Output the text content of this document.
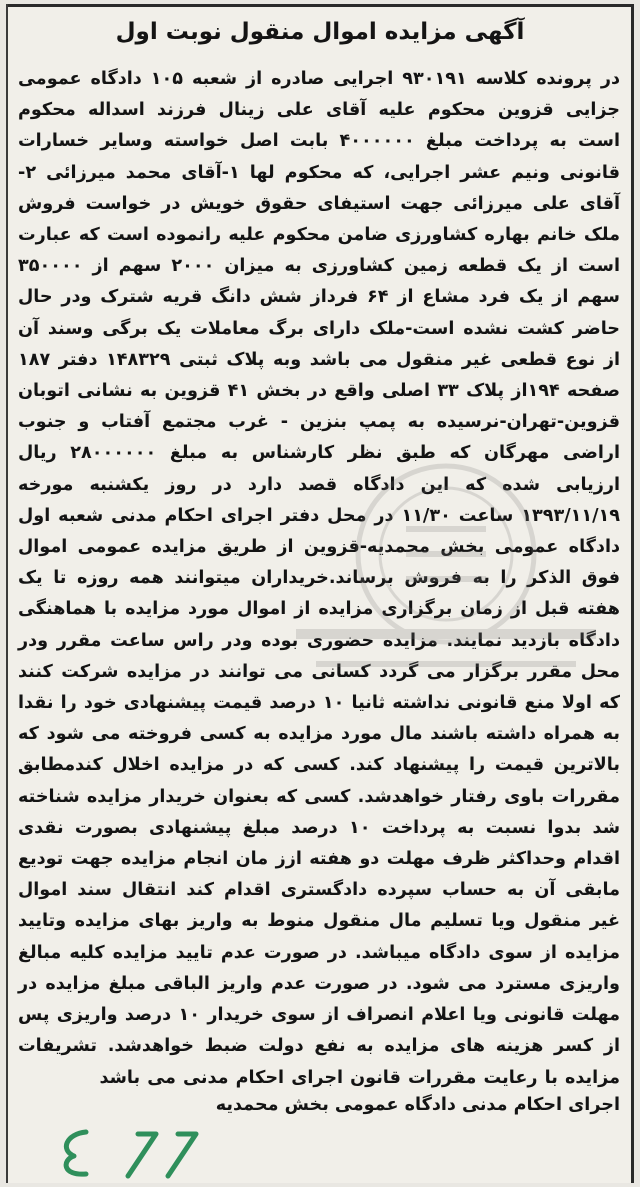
آگهی مزایده اموال منقول نوبت اول

در پرونده کلاسه ۹۳۰۱۹۱ اجرایی صادره از شعبه ۱۰۵ دادگاه عمومی جزایی قزوین محکوم علیه آقای علی زینال فرزند اسداله محکوم است به پرداخت مبلغ ۴۰۰۰۰۰۰ بابت اصل خواسته وسایر خسارات قانونی ونیم عشر اجرایی، که محکوم لها ۱-آقای محمد میرزائی ۲-آقای علی میرزائی جهت استیفای حقوق خویش در خواست فروش ملک خانم بهاره کشاورزی ضامن محکوم علیه رانموده است که عبارت است از یک قطعه زمین کشاورزی به میزان ۲۰۰۰ سهم از ۳۵۰۰۰۰ سهم از یک فرد مشاع از ۶۴ فرداز شش دانگ قریه شترک ودر حال حاضر کشت نشده است-ملک دارای برگ معاملات یک برگی وسند آن از نوع قطعی غیر منقول می باشد وبه پلاک ثبتی ۱۴۸۳۲۹ دفتر ۱۸۷ صفحه ۱۹۴از پلاک ۳۳ اصلی واقع در بخش ۴۱ قزوین به نشانی اتوبان قزوین-تهران-نرسیده به پمپ بنزین - غرب مجتمع آفتاب و جنوب اراضی مهرگان که طبق نظر کارشناس به مبلغ ۲۸۰۰۰۰۰۰ ریال ارزیابی شده که این دادگاه قصد دارد در روز یکشنبه مورخه ۱۳۹۳/۱۱/۱۹ ساعت ۱۱/۳۰ در محل دفتر اجرای احکام مدنی شعبه اول دادگاه عمومی بخش محمدیه-قزوین از طریق مزایده عمومی اموال فوق الذکر را به فروش برساند.خریداران میتوانند همه روزه تا یک هفته قبل از زمان برگزاری مزایده از اموال مورد مزایده با هماهنگی دادگاه بازدید نمایند. مزایده حضوری بوده ودر راس ساعت مقرر ودر محل مقرر برگزار می گردد کسانی می توانند در مزایده شرکت کنند که اولا منع قانونی نداشته ثانیا ۱۰ درصد قیمت پیشنهادی خود را نقدا به همراه داشته باشند مال مورد مزایده به کسی فروخته می شود که بالاترین قیمت را پیشنهاد کند. کسی که در مزایده اخلال کندمطابق مقررات باوی رفتار خواهدشد. کسی که بعنوان خریدار مزایده شناخته شد بدوا نسبت به پرداخت ۱۰ درصد مبلغ پیشنهادی بصورت نقدی اقدام وحداکثر ظرف مهلت دو هفته ازز مان انجام مزایده جهت تودیع مابقی آن به حساب سپرده دادگستری اقدام کند انتقال سند اموال غیر منقول ویا تسلیم مال منقول منوط به واریز بهای مزایده وتایید مزایده از سوی دادگاه میباشد. در صورت عدم تایید مزایده کلیه مبالغ واریزی مسترد می شود. در صورت عدم واریز الباقی مبلغ مزایده در مهلت قانونی ویا اعلام انصراف از سوی خریدار ۱۰ درصد واریزی پس از کسر هزینه های مزایده به نفع دولت ضبط خواهدشد. تشریفات مزایده با رعایت مقررات قانون اجرای احکام مدنی می باشد

اجرای احکام مدنی دادگاه عمومی بخش محمدیه
